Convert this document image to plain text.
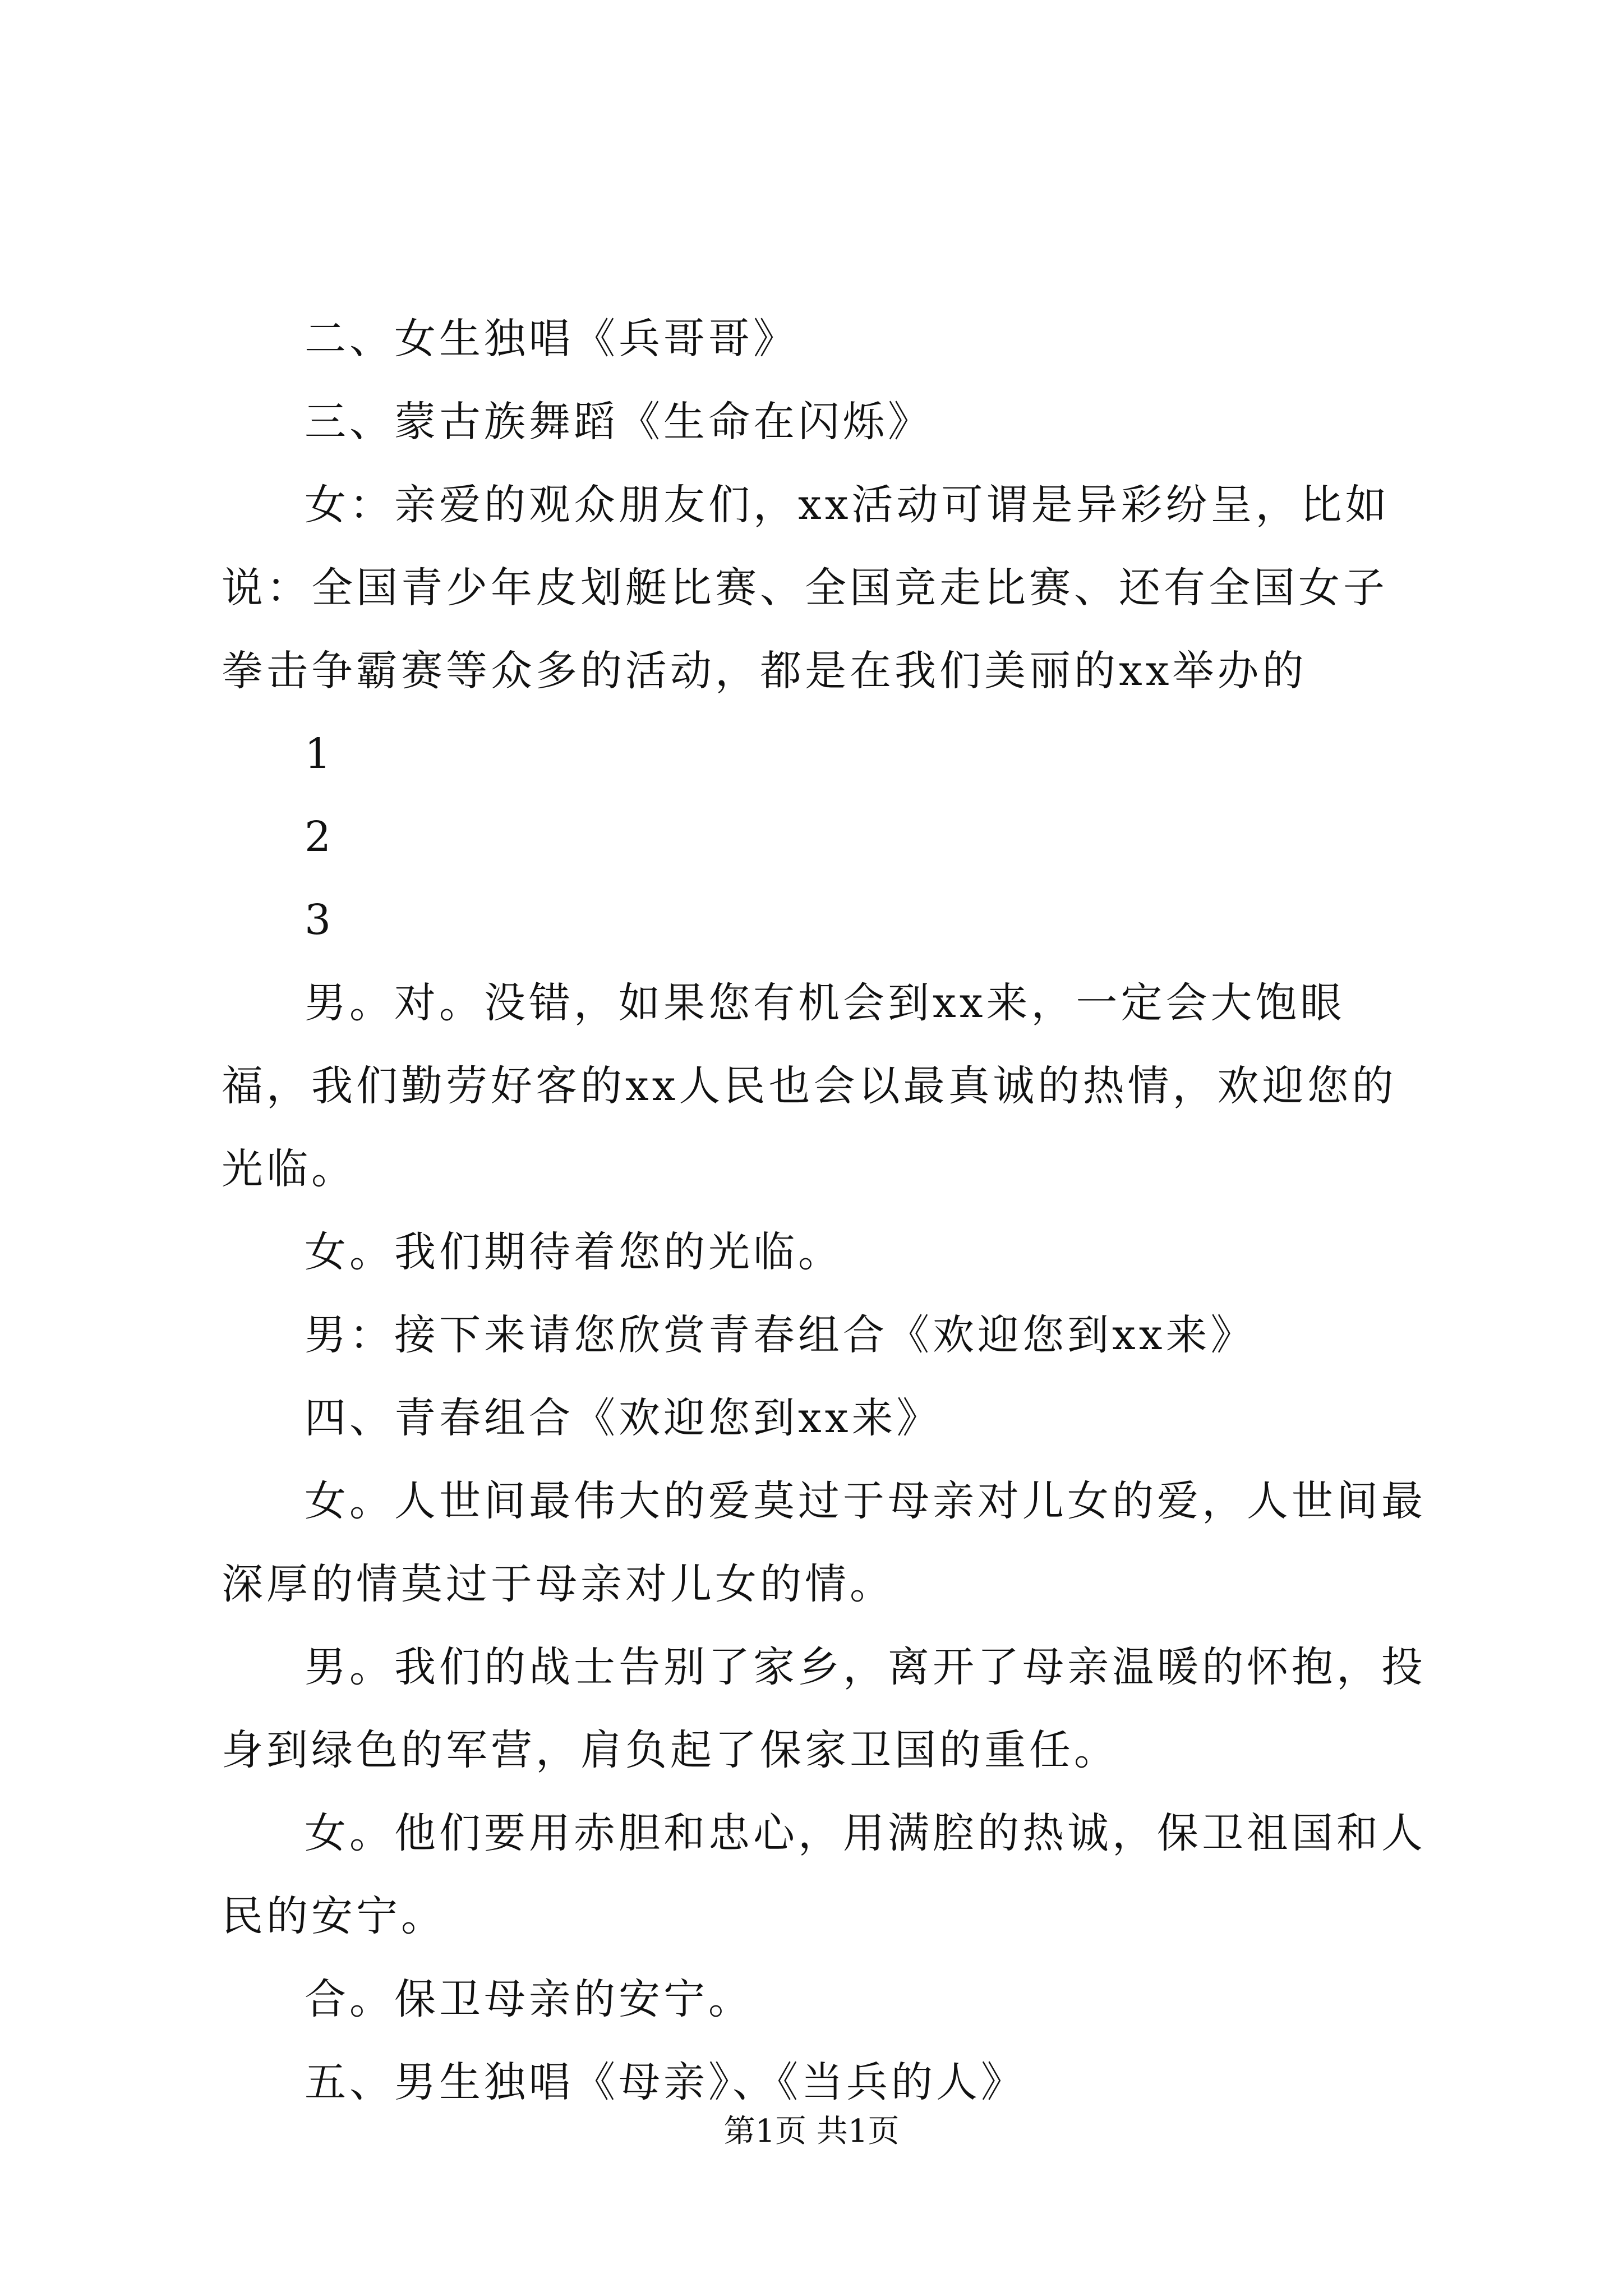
二、女生独唱《兵哥哥》

三、蒙古族舞蹈《生命在闪烁》

女：亲爱的观众朋友们，xx活动可谓是异彩纷呈，比如说：全国青少年皮划艇比赛、全国竞走比赛、还有全国女子拳击争霸赛等众多的活动，都是在我们美丽的xx举办的

1

2

3

男。对。没错，如果您有机会到xx来，一定会大饱眼福，我们勤劳好客的xx人民也会以最真诚的热情，欢迎您的光临。

女。我们期待着您的光临。

男：接下来请您欣赏青春组合《欢迎您到xx来》

四、青春组合《欢迎您到xx来》

女。人世间最伟大的爱莫过于母亲对儿女的爱，人世间最深厚的情莫过于母亲对儿女的情。

男。我们的战士告别了家乡，离开了母亲温暖的怀抱，投身到绿色的军营，肩负起了保家卫国的重任。

女。他们要用赤胆和忠心，用满腔的热诚，保卫祖国和人民的安宁。

合。保卫母亲的安宁。

五、男生独唱《母亲》、《当兵的人》

第1页 共1页
